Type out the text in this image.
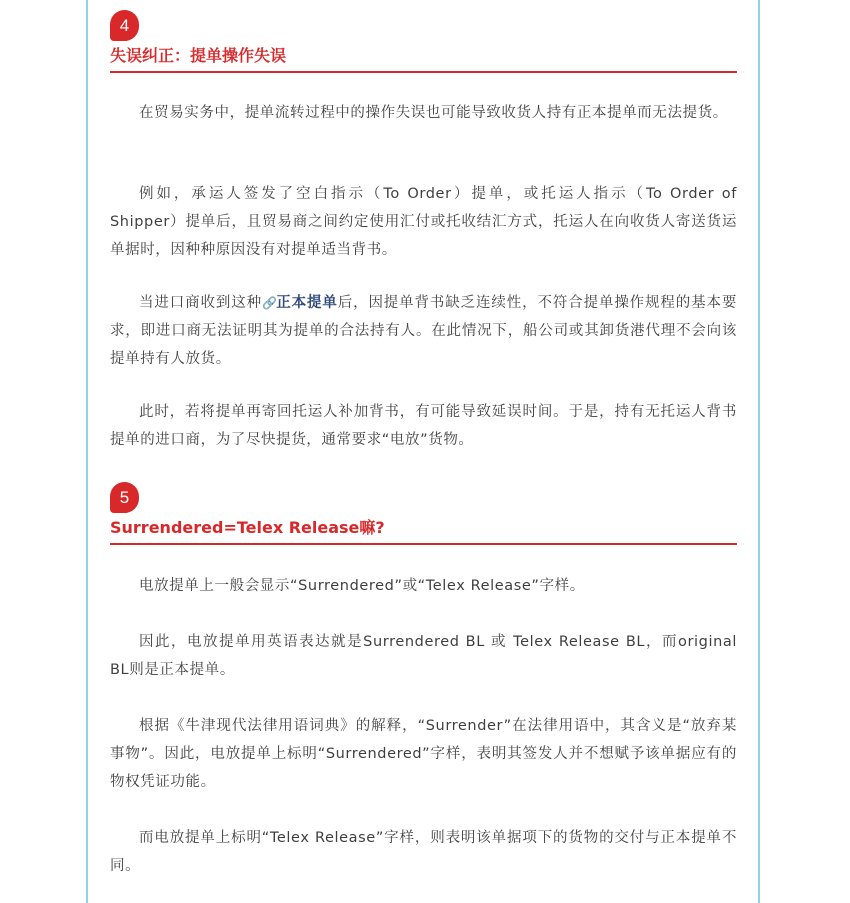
4
失误纠正：提单操作失误

在贸易实务中，提单流转过程中的操作失误也可能导致收货人持有正本提单而无法提货。

例如，承运人签发了空白指示（To Order）提单，或托运人指示（To Order of Shipper）提单后，且贸易商之间约定使用汇付或托收结汇方式，托运人在向收货人寄送货运单据时，因种种原因没有对提单适当背书。

当进口商收到这种🔗正本提单后，因提单背书缺乏连续性，不符合提单操作规程的基本要求，即进口商无法证明其为提单的合法持有人。在此情况下，船公司或其卸货港代理不会向该提单持有人放货。

此时，若将提单再寄回托运人补加背书，有可能导致延误时间。于是，持有无托运人背书提单的进口商，为了尽快提货，通常要求“电放”货物。

5
Surrendered=Telex Release嘛?

电放提单上一般会显示“Surrendered”或“Telex Release”字样。

因此，电放提单用英语表达就是Surrendered BL 或 Telex Release BL，而original BL则是正本提单。

根据《牛津现代法律用语词典》的解释，“Surrender”在法律用语中，其含义是“放弃某事物”。因此，电放提单上标明“Surrendered”字样，表明其签发人并不想赋予该单据应有的物权凭证功能。

而电放提单上标明“Telex Release”字样，则表明该单据项下的货物的交付与正本提单不同。
